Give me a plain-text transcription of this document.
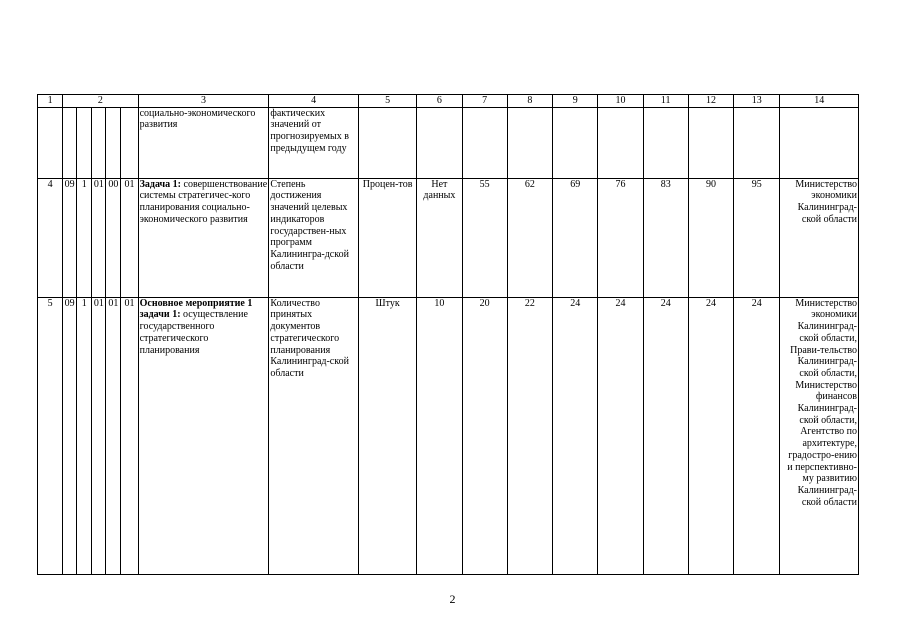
1	2					3	4	5	6	7	8	9	10	11	12	13	14
						социально-экономического развития	фактических значений от прогнозируемых в предыдущем году										
4	09	1	01	00	01	Задача 1: совершенствование системы стратегичес-кого планирования социально-экономического развития	Степень достижения значений целевых индикаторов государствен-ных программ Калинингра-дской области	Процен-тов	Нет данных	55	62	69	76	83	90	95	Министерство экономики Калининград-ской области
5	09	1	01	01	01	Основное мероприятие 1 задачи 1: осуществление государственного стратегического планирования	Количество принятых документов стратегического планирования Калининград-ской области	Штук	10	20	22	24	24	24	24	24	Министерство экономики Калининград-ской области, Прави-тельство Калининград-ской области, Министерство финансов Калининград-ской области, Агентство по архитектуре, градостро-ению и перспективно-му развитию Калининград-ской области
2
